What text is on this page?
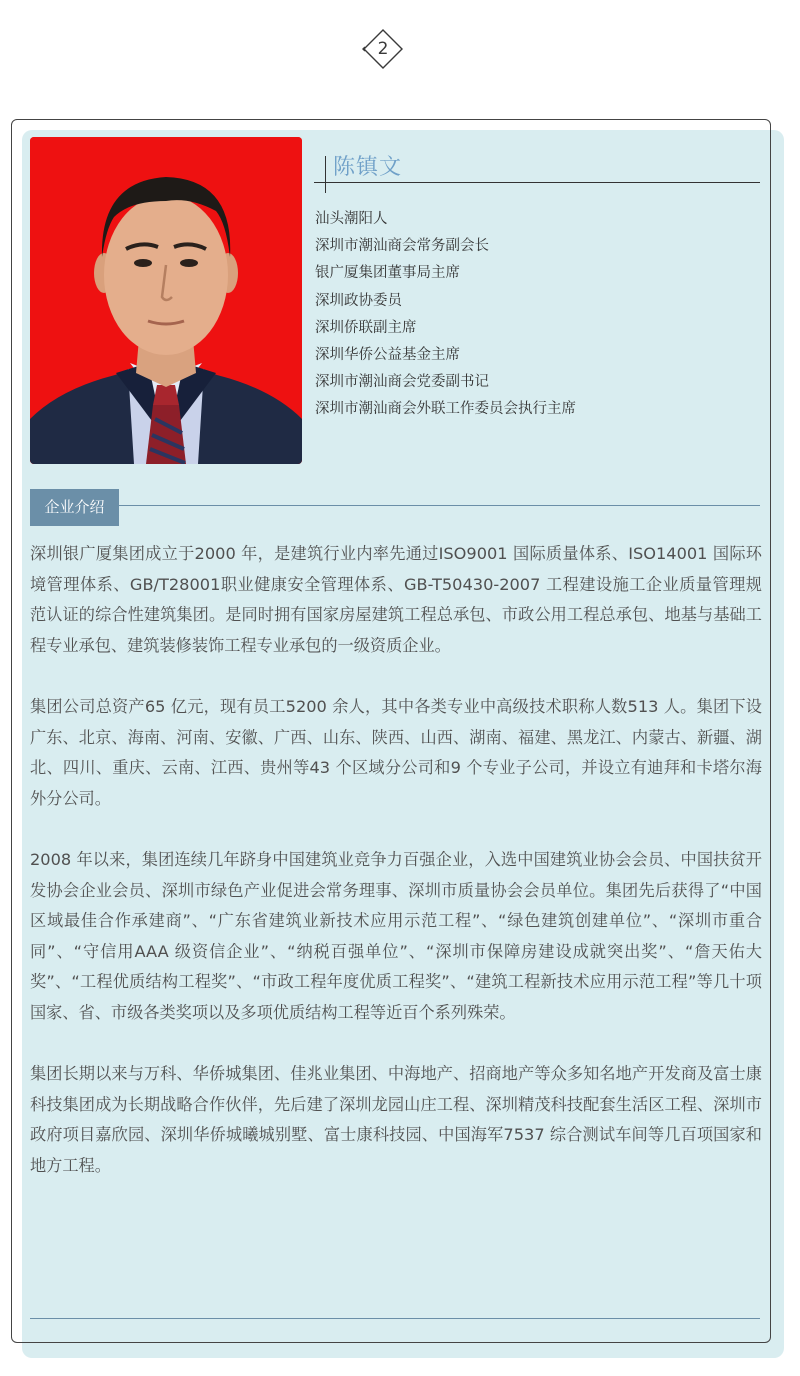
2
陈镇文
汕头潮阳人
深圳市潮汕商会常务副会长
银广厦集团董事局主席
深圳政协委员
深圳侨联副主席
深圳华侨公益基金主席
深圳市潮汕商会党委副书记
深圳市潮汕商会外联工作委员会执行主席
企业介绍

深圳银广厦集团成立于2000 年，是建筑行业内率先通过ISO9001 国际质量体系、ISO14001 国际环境管理体系、GB/T28001职业健康安全管理体系、GB-T50430-2007 工程建设施工企业质量管理规范认证的综合性建筑集团。是同时拥有国家房屋建筑工程总承包、市政公用工程总承包、地基与基础工程专业承包、建筑装修装饰工程专业承包的一级资质企业。

集团公司总资产65 亿元，现有员工5200 余人，其中各类专业中高级技术职称人数513 人。集团下设广东、北京、海南、河南、安徽、广西、山东、陕西、山西、湖南、福建、黑龙江、内蒙古、新疆、湖北、四川、重庆、云南、江西、贵州等43 个区域分公司和9 个专业子公司，并设立有迪拜和卡塔尔海外分公司。

2008 年以来，集团连续几年跻身中国建筑业竞争力百强企业，入选中国建筑业协会会员、中国扶贫开发协会企业会员、深圳市绿色产业促进会常务理事、深圳市质量协会会员单位。集团先后获得了“中国区域最佳合作承建商”、“广东省建筑业新技术应用示范工程”、“绿色建筑创建单位”、“深圳市重合同”、“守信用AAA 级资信企业”、“纳税百强单位”、“深圳市保障房建设成就突出奖”、“詹天佑大奖”、“工程优质结构工程奖”、“市政工程年度优质工程奖”、“建筑工程新技术应用示范工程”等几十项国家、省、市级各类奖项以及多项优质结构工程等近百个系列殊荣。

集团长期以来与万科、华侨城集团、佳兆业集团、中海地产、招商地产等众多知名地产开发商及富士康科技集团成为长期战略合作伙伴，先后建了深圳龙园山庄工程、深圳精茂科技配套生活区工程、深圳市政府项目嘉欣园、深圳华侨城曦城别墅、富士康科技园、中国海军7537 综合测试车间等几百项国家和地方工程。
